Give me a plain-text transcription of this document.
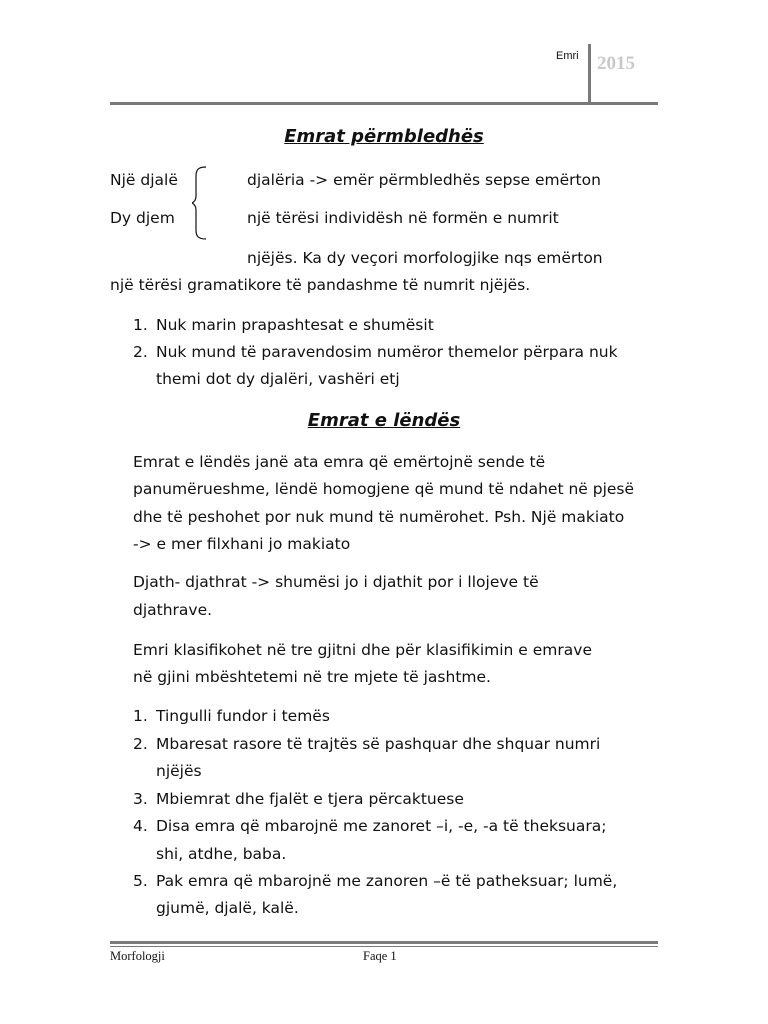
Emri 2015
Emrat përmbledhës
Një djalë
Dy djem
djalëria -> emër përmbledhës sepse emërton
një tërësi individësh në formën e numrit
njëjës. Ka dy veçori morfologjike nqs emërton
një tërësi gramatikore të pandashme të numrit njëjës.
1. Nuk marin prapashtesat e shumësit
2. Nuk mund të paravendosim numëror themelor përpara nuk
themi dot dy djalëri, vashëri etj
Emrat e lëndës
Emrat e lëndës janë ata emra që emërtojnë sende të
panumërueshme, lëndë homogjene që mund të ndahet në pjesë
dhe të peshohet por nuk mund të numërohet. Psh. Një makiato
-> e mer filxhani jo makiato
Djath- djathrat -> shumësi jo i djathit por i llojeve të
djathrave.
Emri klasifikohet në tre gjitni dhe për klasifikimin e emrave
në gjini mbështetemi në tre mjete të jashtme.
1. Tingulli fundor i temës
2. Mbaresat rasore të trajtës së pashquar dhe shquar numri
njëjës
3. Mbiemrat dhe fjalët e tjera përcaktuese
4. Disa emra që mbarojnë me zanoret –i, -e, -a të theksuara;
shi, atdhe, baba.
5. Pak emra që mbarojnë me zanoren –ë të patheksuar; lumë,
gjumë, djalë, kalë.
Morfologji	Faqe 1
